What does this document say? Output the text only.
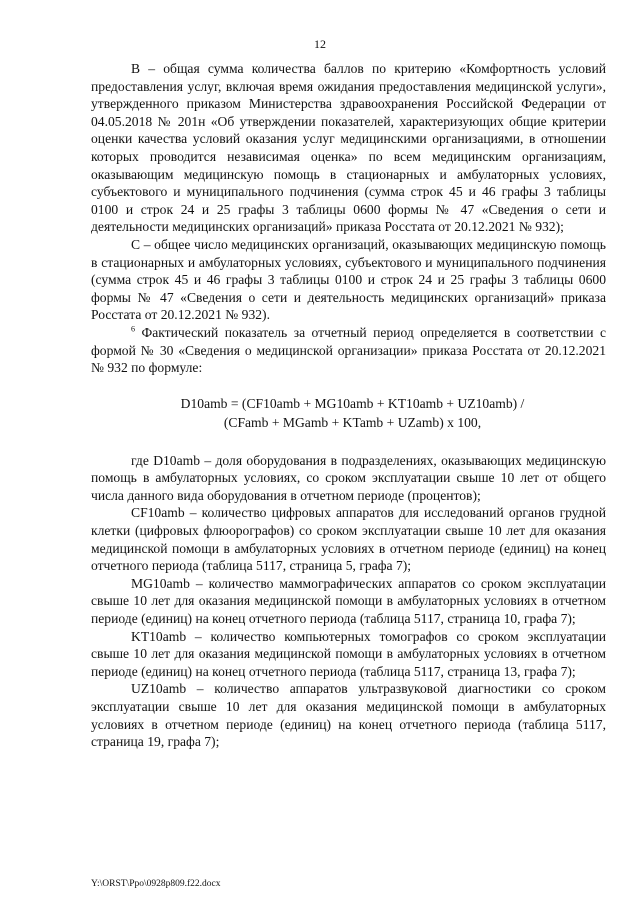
12

B – общая сумма количества баллов по критерию «Комфортность условий предоставления услуг, включая время ожидания предоставления медицинской услуги», утвержденного приказом Министерства здравоохранения Российской Федерации от 04.05.2018 № 201н «Об утверждении показателей, характеризующих общие критерии оценки качества условий оказания услуг медицинскими организациями, в отношении которых проводится независимая оценка» по всем медицинским организациям, оказывающим медицинскую помощь в стационарных и амбулаторных условиях, субъектового и муниципального подчинения (сумма строк 45 и 46 графы 3 таблицы 0100 и строк 24 и 25 графы 3 таблицы 0600 формы № 47 «Сведения о сети и деятельности медицинских организаций» приказа Росстата от 20.12.2021 № 932);

C – общее число медицинских организаций, оказывающих медицинскую помощь в стационарных и амбулаторных условиях, субъектового и муниципального подчинения (сумма строк 45 и 46 графы 3 таблицы 0100 и строк 24 и 25 графы 3 таблицы 0600 формы № 47 «Сведения о сети и деятельность медицинских организаций» приказа Росстата от 20.12.2021 № 932).

$^6$ Фактический показатель за отчетный период определяется в соответствии с формой № 30 «Сведения о медицинской организации» приказа Росстата от 20.12.2021 № 932 по формуле:

D10amb = (CF10amb + MG10amb + KT10amb + UZ10amb) /
(CFamb + MGamb + KTamb + UZamb) x 100,

где D10amb – доля оборудования в подразделениях, оказывающих медицинскую помощь в амбулаторных условиях, со сроком эксплуатации свыше 10 лет от общего числа данного вида оборудования в отчетном периоде (процентов);

CF10amb – количество цифровых аппаратов для исследований органов грудной клетки (цифровых флюорографов) со сроком эксплуатации свыше 10 лет для оказания медицинской помощи в амбулаторных условиях в отчетном периоде (единиц) на конец отчетного периода (таблица 5117, страница 5, графа 7);

MG10amb – количество маммографических аппаратов со сроком эксплуатации свыше 10 лет для оказания медицинской помощи в амбулаторных условиях в отчетном периоде (единиц) на конец отчетного периода (таблица 5117, страница 10, графа 7);

KT10amb – количество компьютерных томографов со сроком эксплуатации свыше 10 лет для оказания медицинской помощи в амбулаторных условиях в отчетном периоде (единиц) на конец отчетного периода (таблица 5117, страница 13, графа 7);

UZ10amb – количество аппаратов ультразвуковой диагностики со сроком эксплуатации свыше 10 лет для оказания медицинской помощи в амбулаторных условиях в отчетном периоде (единиц) на конец отчетного периода (таблица 5117, страница 19, графа 7);

Y:\ORST\Ppo\0928p809.f22.docx
